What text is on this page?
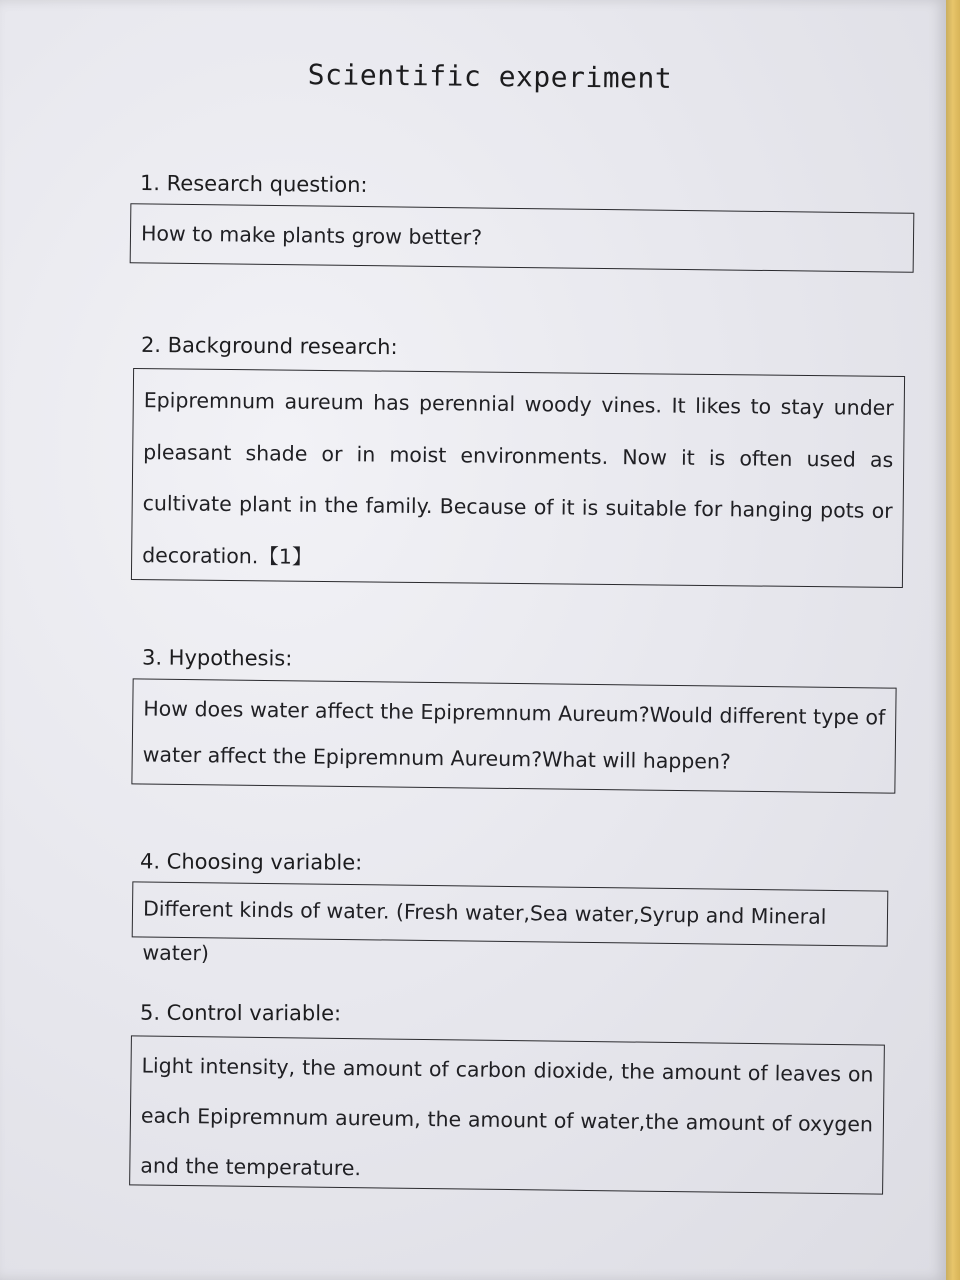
Scientific experiment
1. Research question:

How to make plants grow better?

2. Background research:

Epipremnum aureum has perennial woody vines. It likes to stay under pleasant shade or in moist environments. Now it is often used as cultivate plant in the family. Because of it is suitable for hanging pots or decoration.【1】

3. Hypothesis:

How does water affect the Epipremnum Aureum?Would different type of water affect the Epipremnum Aureum?What will happen?

4. Choosing variable:

Different kinds of water. (Fresh water,Sea water,Syrup and Mineral water)

5. Control variable:

Light intensity, the amount of carbon dioxide, the amount of leaves on each Epipremnum aureum, the amount of water,the amount of oxygen and the temperature.
